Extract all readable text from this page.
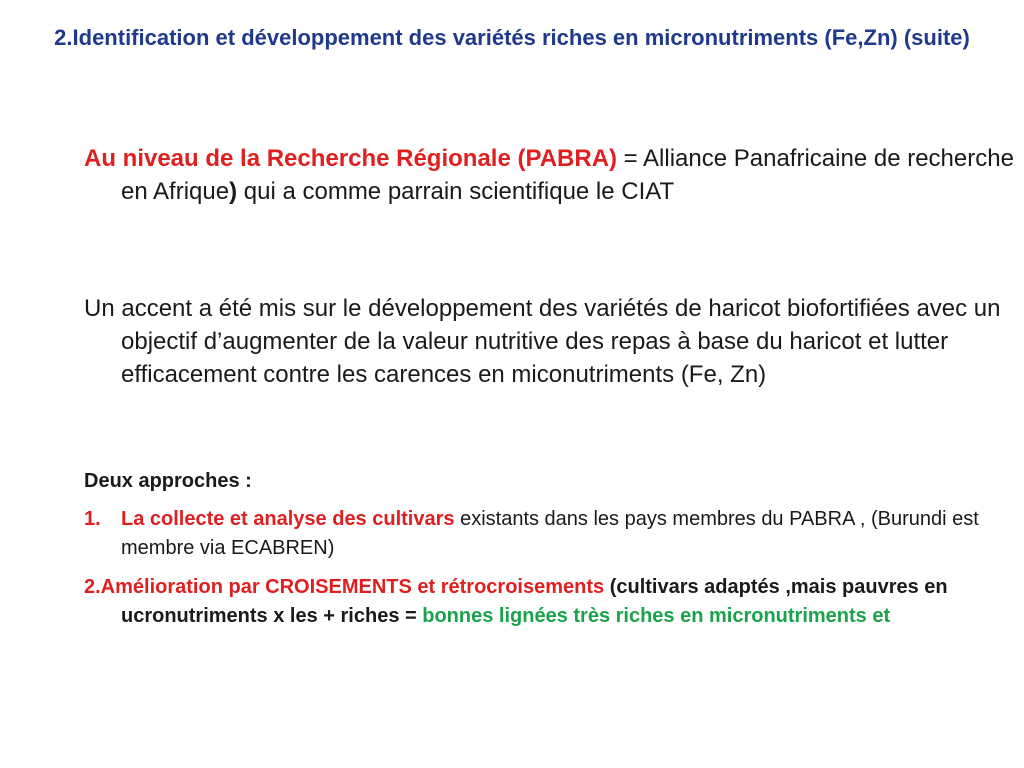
2.Identification et développement des variétés riches en micronutriments (Fe,Zn) (suite)
Au niveau de la Recherche Régionale (PABRA) = Alliance Panafricaine de recherche en Afrique) qui a comme parrain scientifique le CIAT
Un accent a été mis sur le développement des variétés de haricot biofortifiées avec un objectif d’augmenter de la valeur nutritive des repas à base du haricot et lutter efficacement contre les carences en miconutriments (Fe, Zn)
Deux approches :
1.	La collecte et analyse des cultivars existants dans les pays membres du PABRA , (Burundi est membre via ECABREN)
2.Amélioration par CROISEMENTS et rétrocroisements (cultivars adaptés ,mais pauvres en ucronutriments x les + riches = bonnes lignées très riches en micronutriments et
